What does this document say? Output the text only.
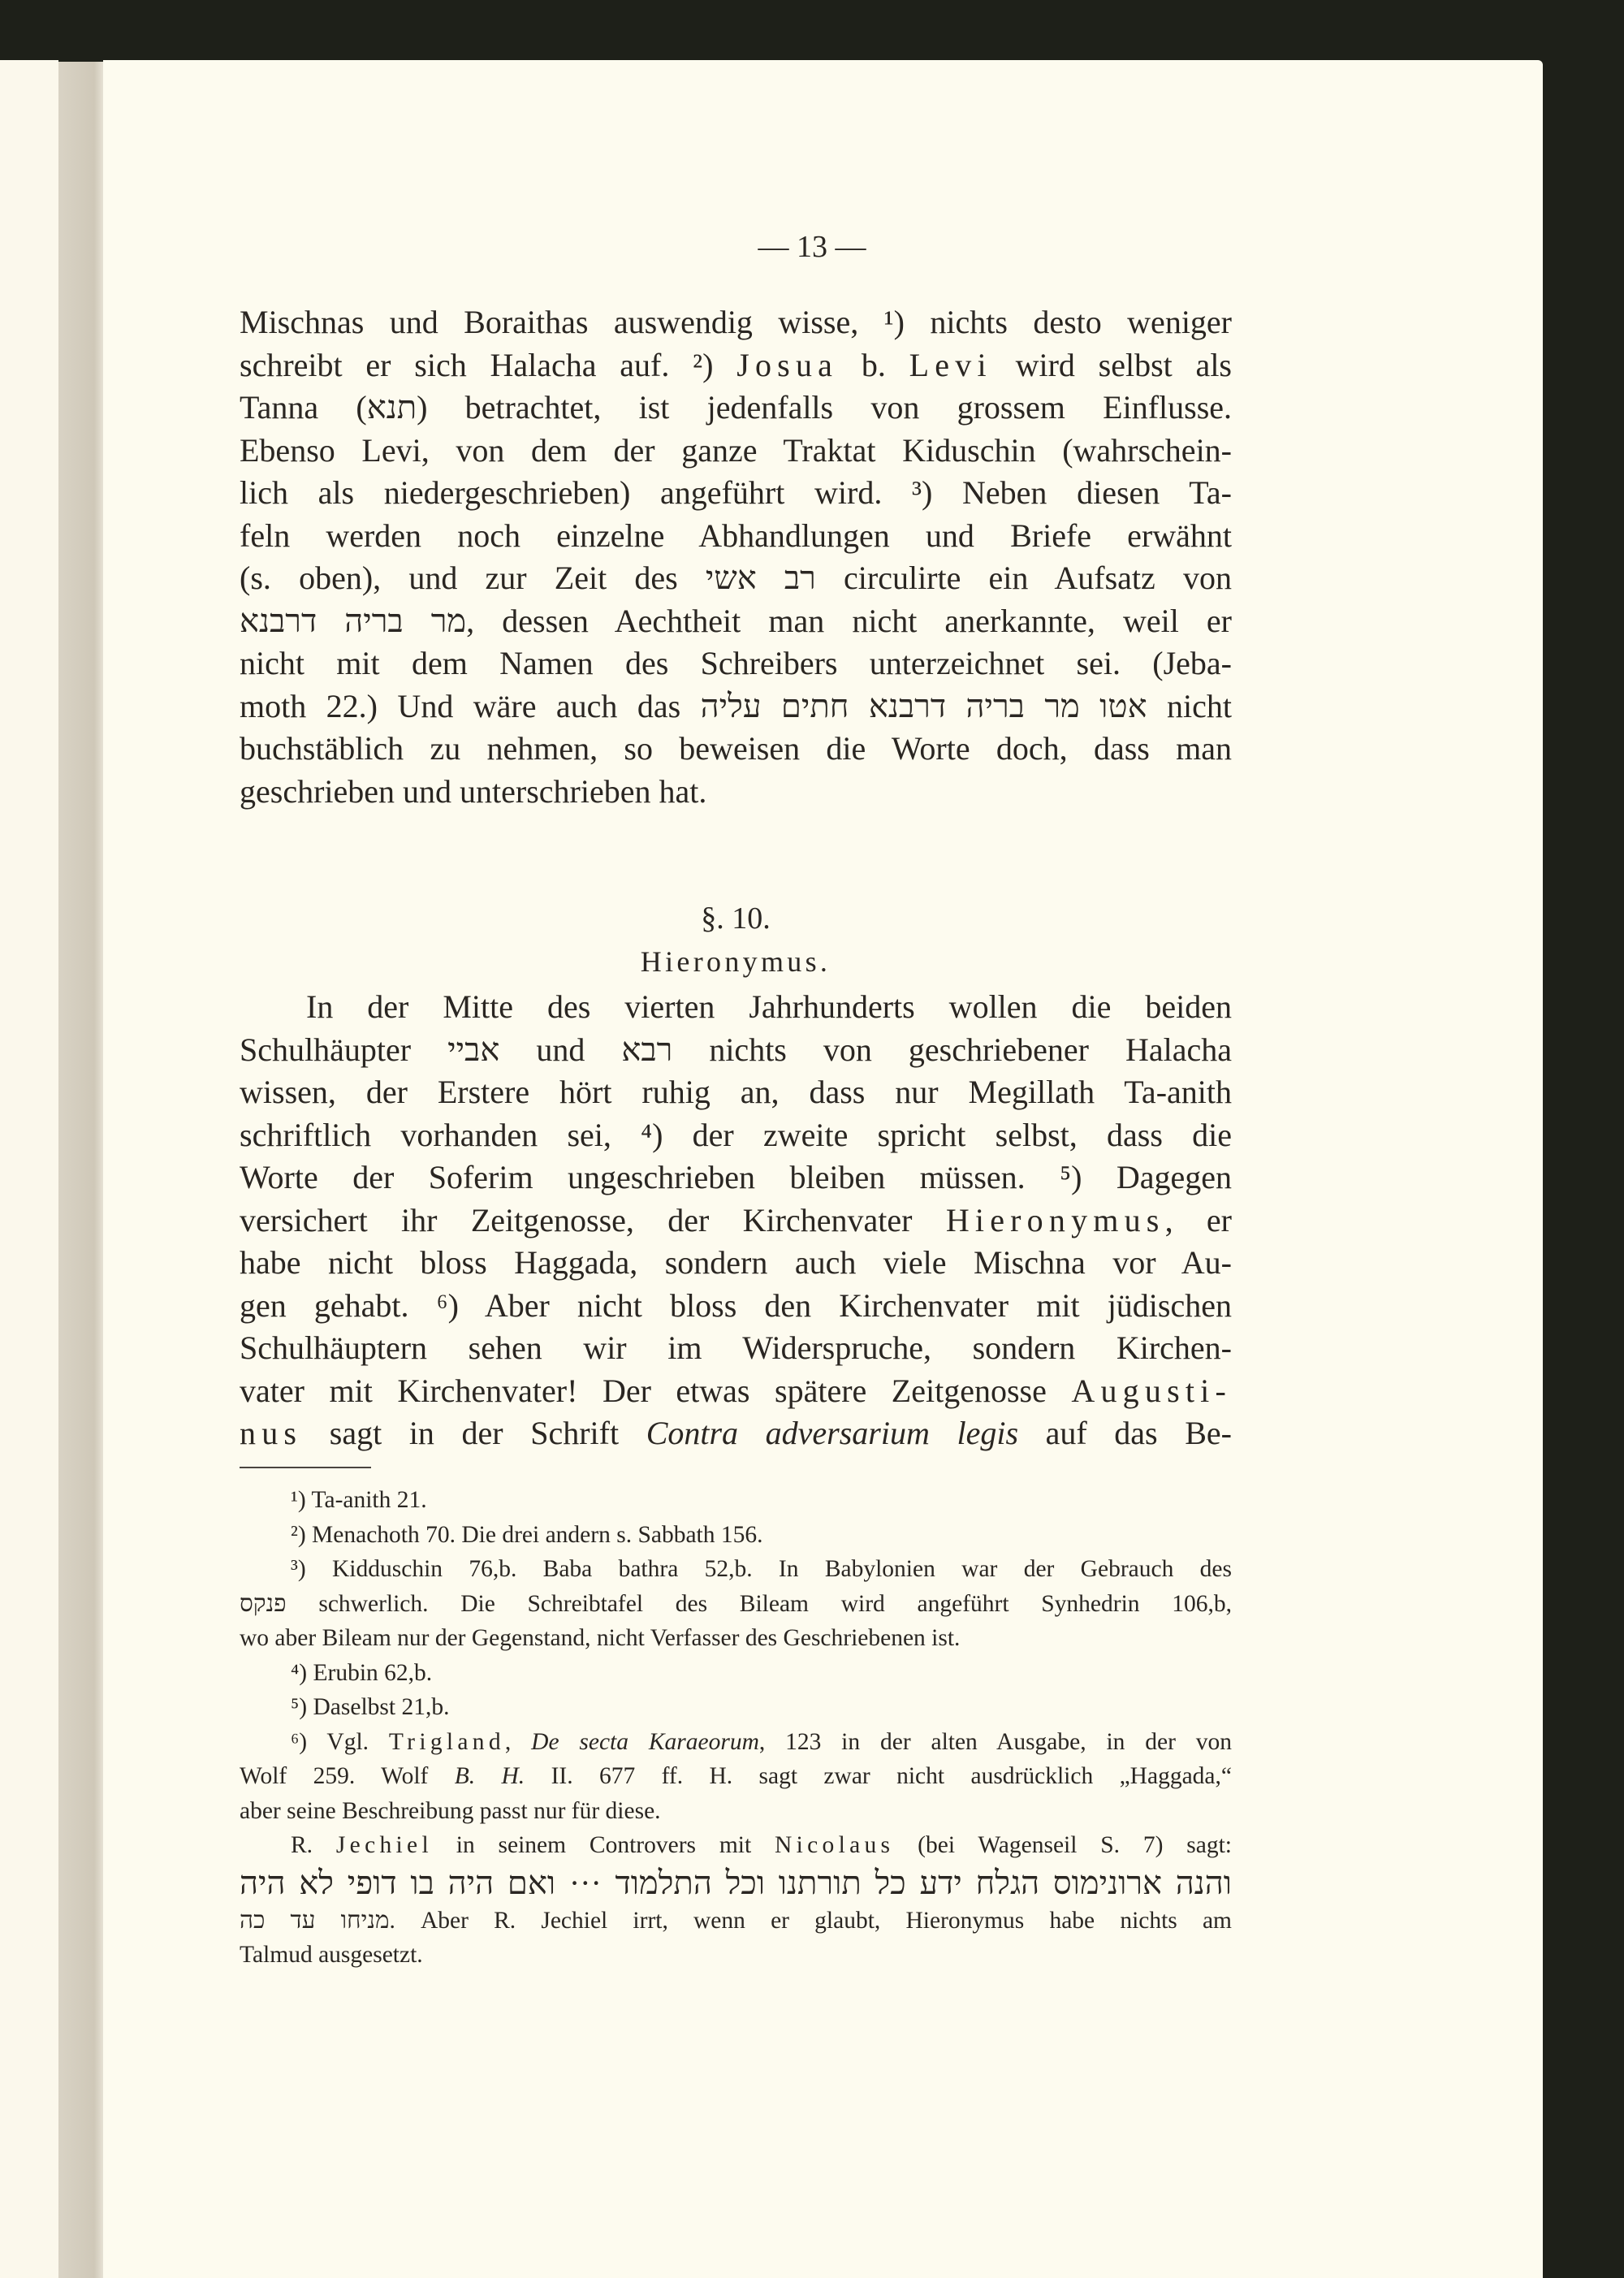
— 13 —
Mischnas und Boraithas auswendig wisse, ¹) nichts desto weniger
schreibt er sich Halacha auf. ²) Josua b. Levi wird selbst als
Tanna (תנא) betrachtet, ist jedenfalls von grossem Einflusse.
Ebenso Levi, von dem der ganze Traktat Kiduschin (wahrschein-
lich als niedergeschrieben) angeführt wird. ³) Neben diesen Ta-
feln werden noch einzelne Abhandlungen und Briefe erwähnt
(s. oben), und zur Zeit des רב אשי circulirte ein Aufsatz von
מר בריה דרבנא, dessen Aechtheit man nicht anerkannte, weil er
nicht mit dem Namen des Schreibers unterzeichnet sei. (Jeba-
moth 22.) Und wäre auch das אטו מר בריה דרבנא חתים עליה nicht
buchstäblich zu nehmen, so beweisen die Worte doch, dass man
geschrieben und unterschrieben hat.
§. 10.
Hieronymus.
In der Mitte des vierten Jahrhunderts wollen die beiden
Schulhäupter אביי und רבא nichts von geschriebener Halacha
wissen, der Erstere hört ruhig an, dass nur Megillath Ta-anith
schriftlich vorhanden sei, ⁴) der zweite spricht selbst, dass die
Worte der Soferim ungeschrieben bleiben müssen. ⁵) Dagegen
versichert ihr Zeitgenosse, der Kirchenvater Hieronymus, er
habe nicht bloss Haggada, sondern auch viele Mischna vor Au-
gen gehabt. ⁶) Aber nicht bloss den Kirchenvater mit jüdischen
Schulhäuptern sehen wir im Widerspruche, sondern Kirchen-
vater mit Kirchenvater! Der etwas spätere Zeitgenosse Augusti-
nus sagt in der Schrift Contra adversarium legis auf das Be-
¹) Ta-anith 21.
²) Menachoth 70. Die drei andern s. Sabbath 156.
³) Kidduschin 76,b. Baba bathra 52,b. In Babylonien war der Gebrauch des
פנקס schwerlich. Die Schreibtafel des Bileam wird angeführt Synhedrin 106,b,
wo aber Bileam nur der Gegenstand, nicht Verfasser des Geschriebenen ist.
⁴) Erubin 62,b.
⁵) Daselbst 21,b.
⁶) Vgl. Trigland, De secta Karaeorum, 123 in der alten Ausgabe, in der von
Wolf 259. Wolf B. H. II. 677 ff. H. sagt zwar nicht ausdrücklich „Haggada,“
aber seine Beschreibung passt nur für diese.
R. Jechiel in seinem Controvers mit Nicolaus (bei Wagenseil S. 7) sagt:
‫והנה ארונימוס הגלח ידע כל תורתנו וכל התלמוד ··· ואם היה בו דופי לא היה‬
‫מניחו עד כה‬. Aber R. Jechiel irrt, wenn er glaubt, Hieronymus habe nichts am
Talmud ausgesetzt.
